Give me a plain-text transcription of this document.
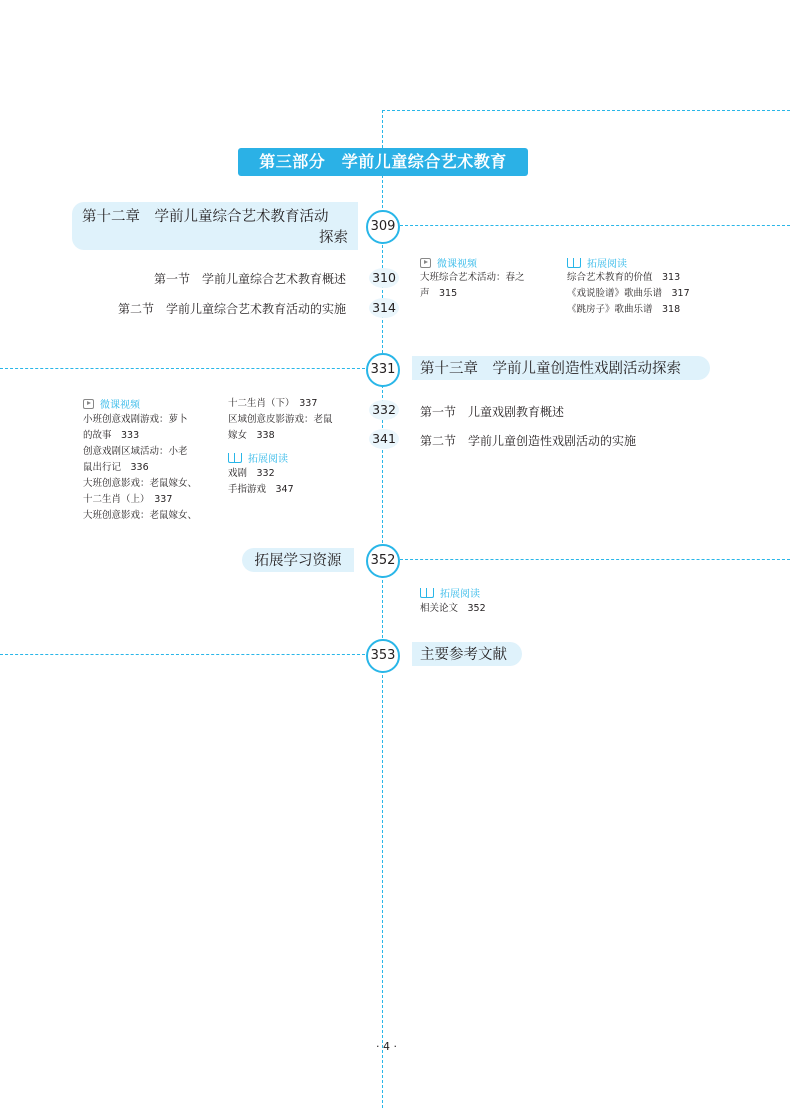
第三部分　学前儿童综合艺术教育
第十二章　学前儿童综合艺术教育活动
探索
309
第一节　学前儿童综合艺术教育概述 310
第二节　学前儿童综合艺术教育活动的实施 314
微课视频
大班综合艺术活动：春之
声　315
拓展阅读
综合艺术教育的价值　313
《戏说脸谱》歌曲乐谱　317
《跳房子》歌曲乐谱　318
331	第十三章　学前儿童创造性戏剧活动探索
332 第一节　儿童戏剧教育概述
341 第二节　学前儿童创造性戏剧活动的实施
微课视频
小班创意戏剧游戏：萝卜
的故事　333
创意戏剧区域活动：小老
鼠出行记　336
大班创意影戏：老鼠嫁女、
十二生肖（上）　337
大班创意影戏：老鼠嫁女、
十二生肖（下）　337
区域创意皮影游戏：老鼠
嫁女　338
拓展阅读
戏剧　332
手指游戏　347
拓展学习资源	352
拓展阅读
相关论文　352
353	主要参考文献
· 4 ·
